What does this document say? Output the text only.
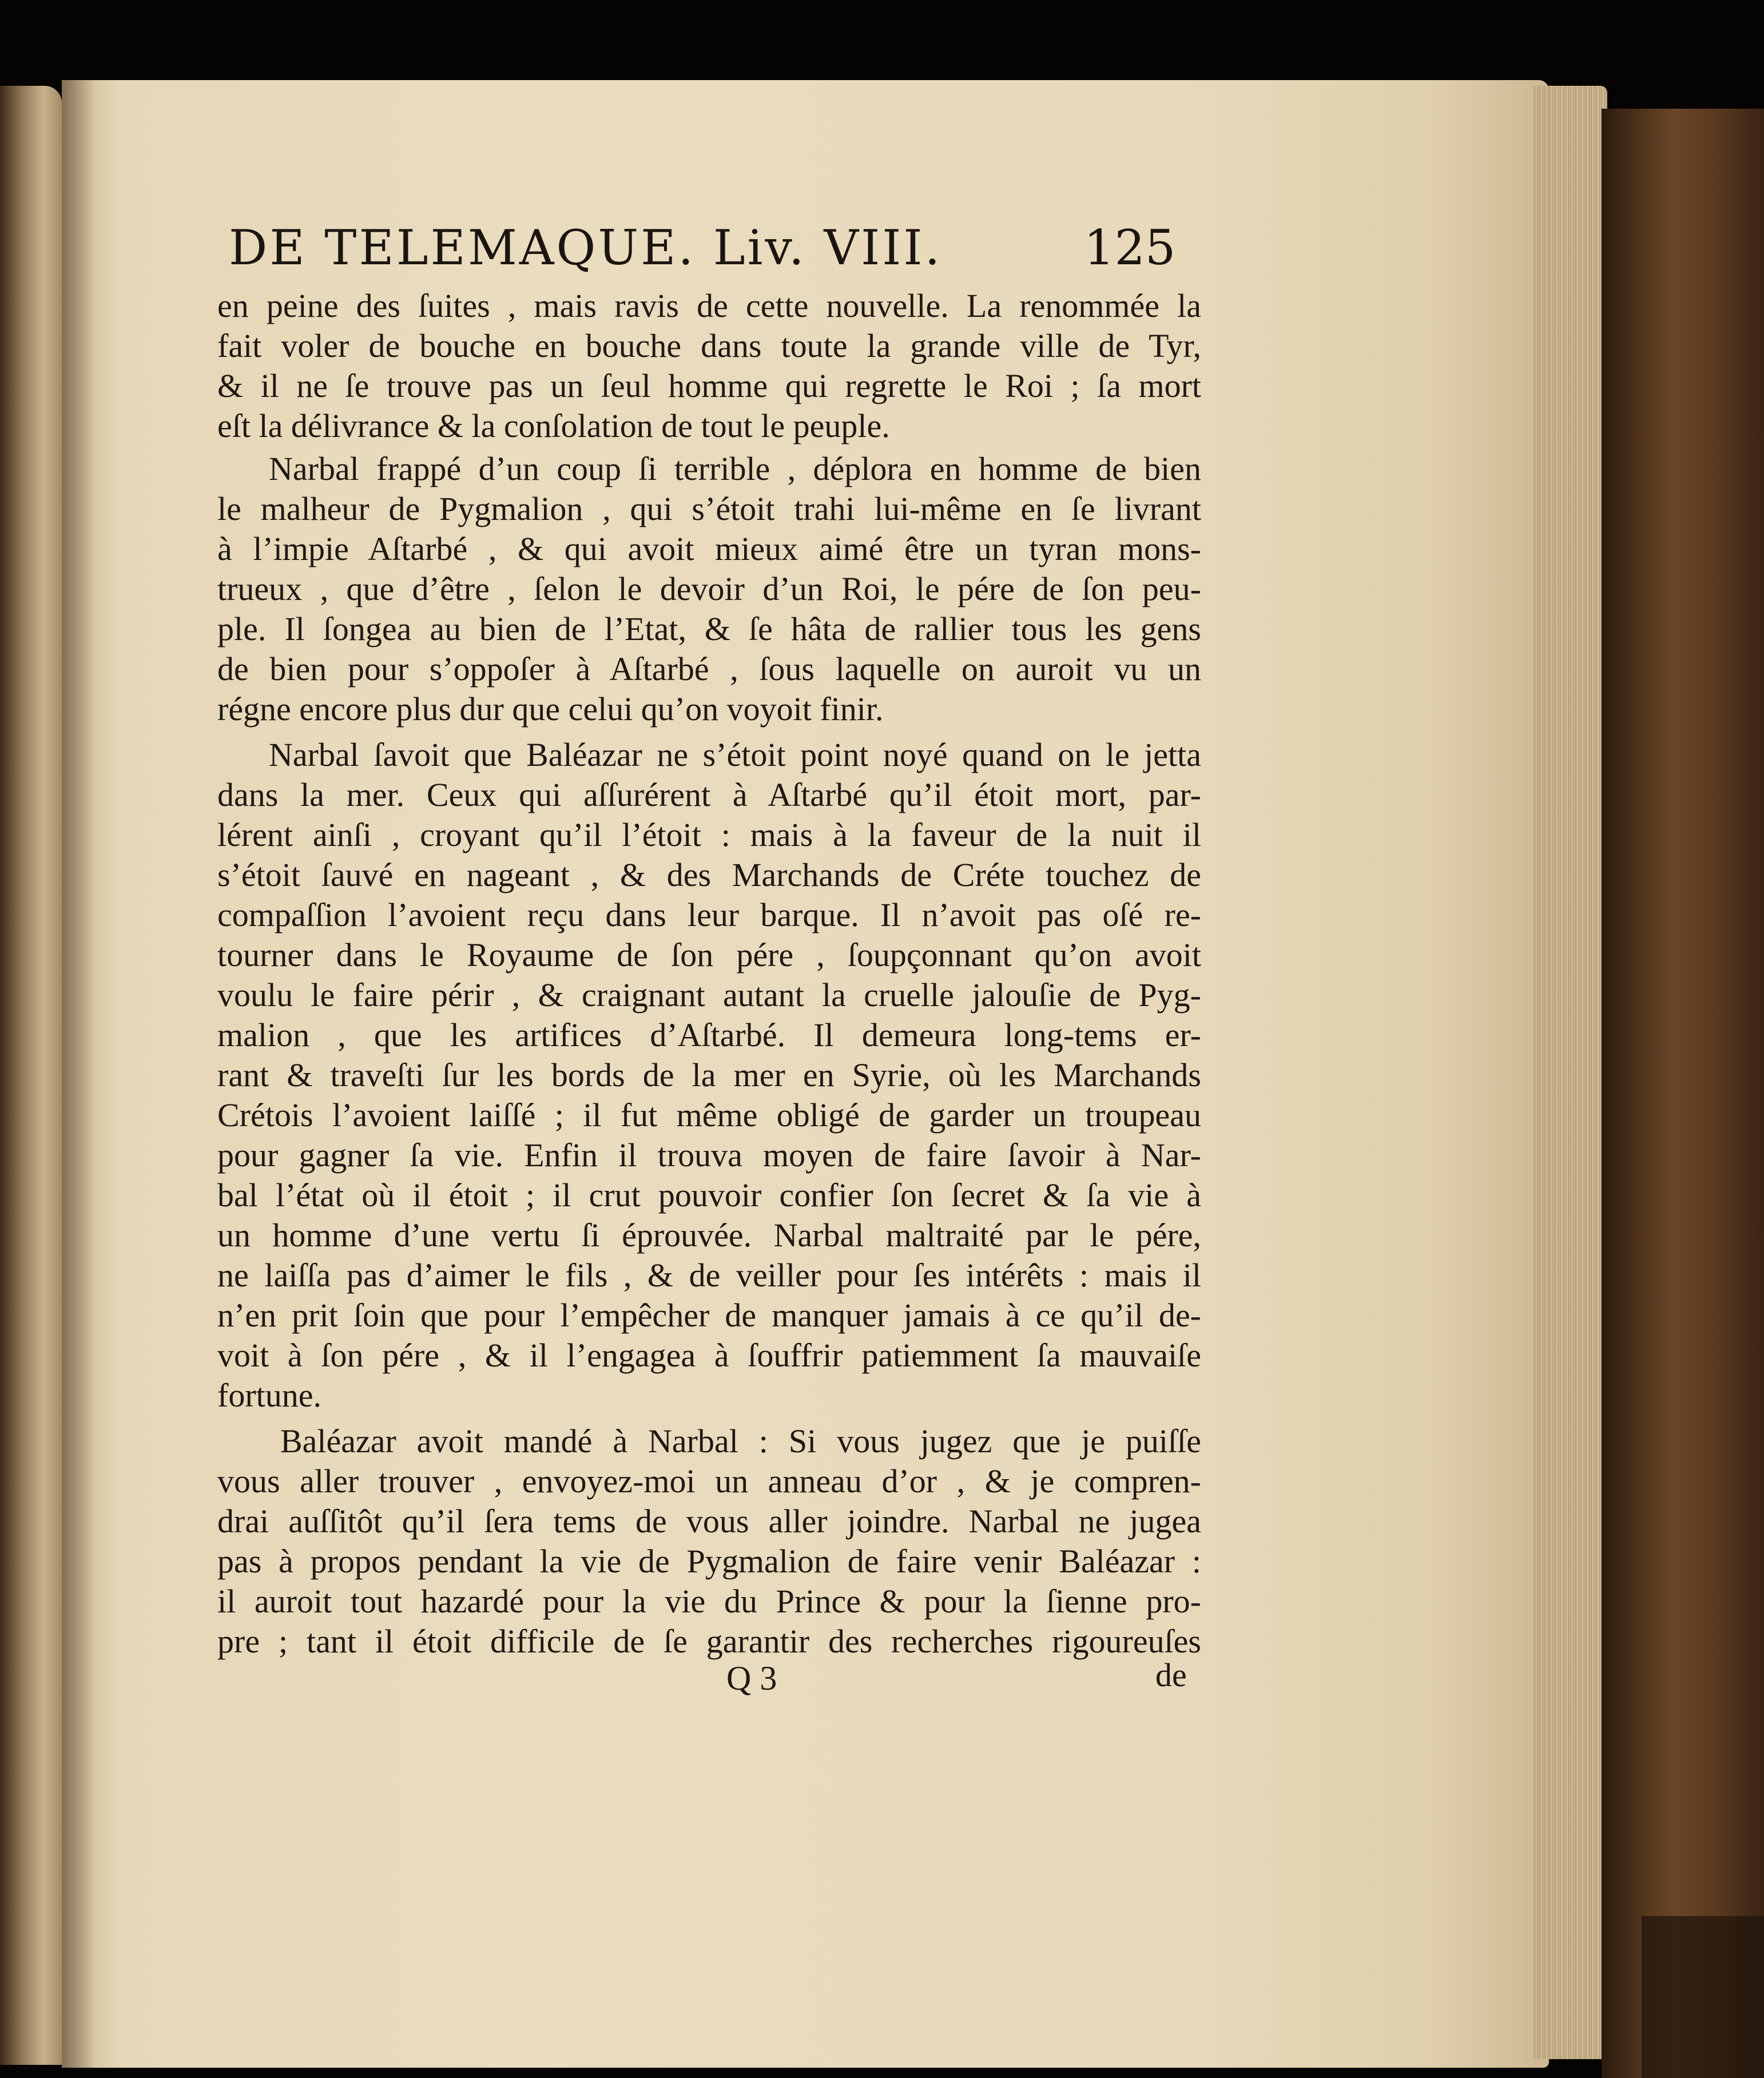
DE TELEMAQUE. Liv. VIII.	125
en peine des ſuites , mais ravis de cette nouvelle. La renommée la
fait voler de bouche en bouche dans toute la grande ville de Tyr,
& il ne ſe trouve pas un ſeul homme qui regrette le Roi ; ſa mort
eſt la délivrance & la conſolation de tout le peuple.
Narbal frappé d’un coup ſi terrible , déplora en homme de bien
le malheur de Pygmalion , qui s’étoit trahi lui-même en ſe livrant
à l’impie Aſtarbé , & qui avoit mieux aimé être un tyran mons-
trueux , que d’être , ſelon le devoir d’un Roi, le pére de ſon peu-
ple. Il ſongea au bien de l’Etat, & ſe hâta de rallier tous les gens
de bien pour s’oppoſer à Aſtarbé , ſous laquelle on auroit vu un
régne encore plus dur que celui qu’on voyoit finir.
Narbal ſavoit que Baléazar ne s’étoit point noyé quand on le jetta
dans la mer. Ceux qui aſſurérent à Aſtarbé qu’il étoit mort, par-
lérent ainſi , croyant qu’il l’étoit : mais à la faveur de la nuit il
s’étoit ſauvé en nageant , & des Marchands de Créte touchez de
compaſſion l’avoient reçu dans leur barque. Il n’avoit pas oſé re-
tourner dans le Royaume de ſon pére , ſoupçonnant qu’on avoit
voulu le faire périr , & craignant autant la cruelle jalouſie de Pyg-
malion , que les artifices d’Aſtarbé. Il demeura long-tems er-
rant & traveſti ſur les bords de la mer en Syrie, où les Marchands
Crétois l’avoient laiſſé ; il fut même obligé de garder un troupeau
pour gagner ſa vie. Enfin il trouva moyen de faire ſavoir à Nar-
bal l’état où il étoit ; il crut pouvoir confier ſon ſecret & ſa vie à
un homme d’une vertu ſi éprouvée. Narbal maltraité par le pére,
ne laiſſa pas d’aimer le fils , & de veiller pour ſes intérêts : mais il
n’en prit ſoin que pour l’empêcher de manquer jamais à ce qu’il de-
voit à ſon pére , & il l’engagea à ſouffrir patiemment ſa mauvaiſe
fortune.
Baléazar avoit mandé à Narbal : Si vous jugez que je puiſſe
vous aller trouver , envoyez-moi un anneau d’or , & je compren-
drai auſſitôt qu’il ſera tems de vous aller joindre. Narbal ne jugea
pas à propos pendant la vie de Pygmalion de faire venir Baléazar :
il auroit tout hazardé pour la vie du Prince & pour la ſienne pro-
pre ; tant il étoit difficile de ſe garantir des recherches rigoureuſes
Q 3	de
